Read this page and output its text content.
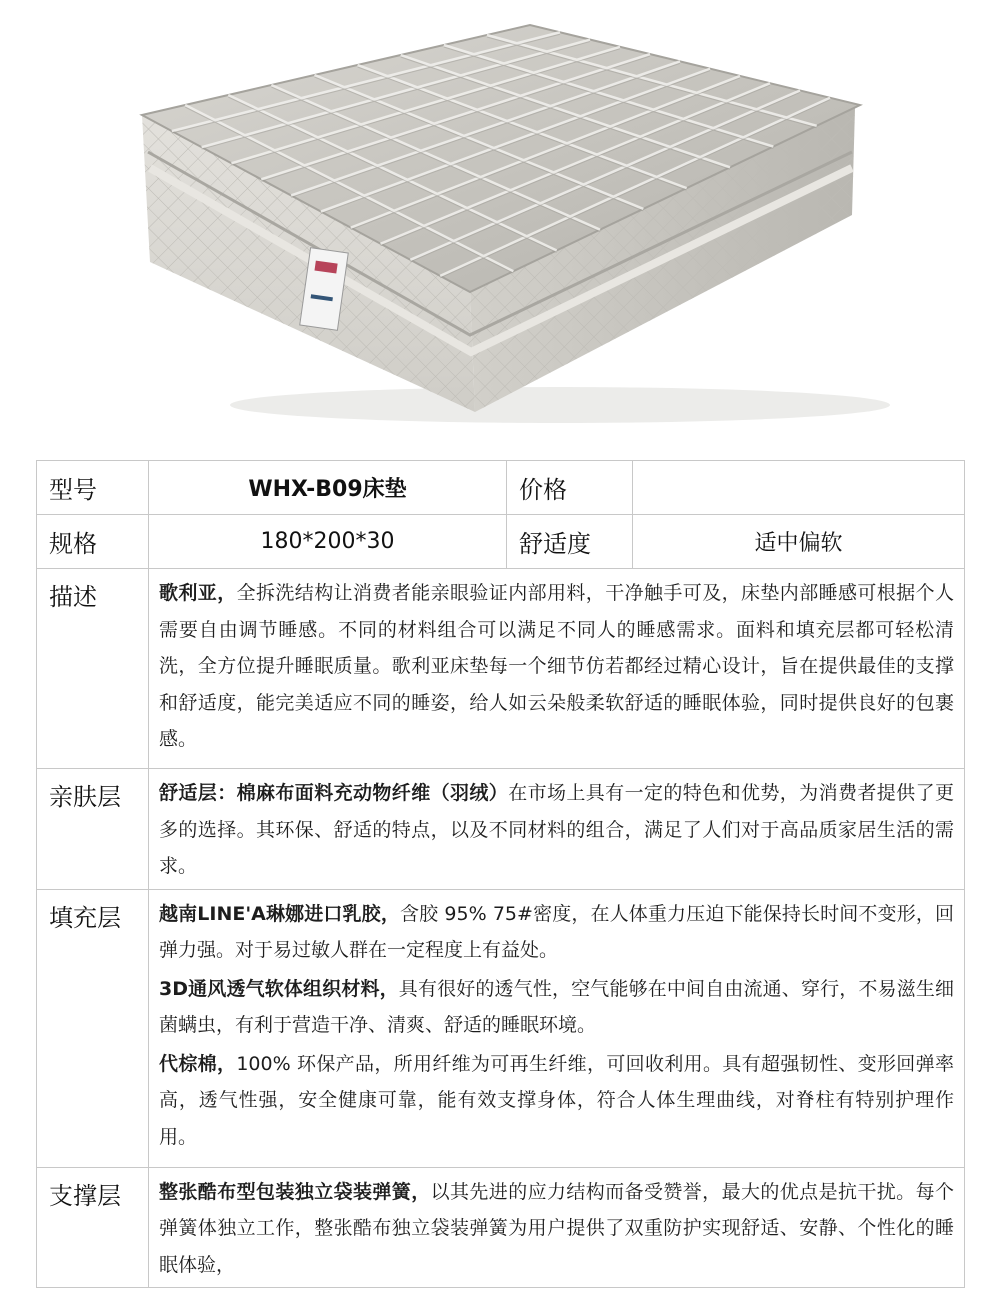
型号	WHX-B09床垫	价格	
规格	180*200*30	舒适度	适中偏软
描述	歌利亚，全拆洗结构让消费者能亲眼验证内部用料，干净触手可及，床垫内部睡感可根据个人需要自由调节睡感。不同的材料组合可以满足不同人的睡感需求。面料和填充层都可轻松清洗，全方位提升睡眠质量。歌利亚床垫每一个细节仿若都经过精心设计，旨在提供最佳的支撑和舒适度，能完美适应不同的睡姿，给人如云朵般柔软舒适的睡眠体验，同时提供良好的包裹感。		
亲肤层	舒适层：棉麻布面料充动物纤维（羽绒）在市场上具有一定的特色和优势，为消费者提供了更多的选择。其环保、舒适的特点，以及不同材料的组合，满足了人们对于高品质家居生活的需求。		
填充层	越南LINE'A琳娜进口乳胶，含胶 95% 75#密度，在人体重力压迫下能保持长时间不变形，回弹力强。对于易过敏人群在一定程度上有益处。
3D通风透气软体组织材料，具有很好的透气性，空气能够在中间自由流通、穿行，不易滋生细菌螨虫，有利于营造干净、清爽、舒适的睡眠环境。
代棕棉，100% 环保产品，所用纤维为可再生纤维，可回收利用。具有超强韧性、变形回弹率高，透气性强，安全健康可靠，能有效支撑身体，符合人体生理曲线，对脊柱有特别护理作用。		

支撑层	整张酷布型包装独立袋装弹簧，以其先进的应力结构而备受赞誉，最大的优点是抗干扰。每个弹簧体独立工作，整张酷布独立袋装弹簧为用户提供了双重防护实现舒适、安静、个性化的睡眠体验，		
